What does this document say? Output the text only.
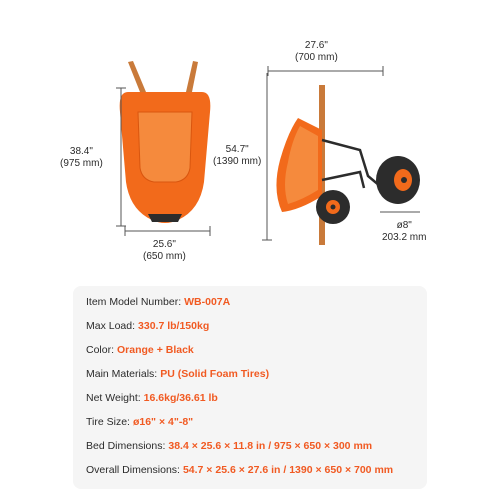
38.4"
(975 mm)
25.6"
(650 mm)
27.6"
(700 mm)
54.7"
(1390 mm)
ø8"
203.2 mm
Item Model Number: WB-007A
Max Load: 330.7 lb/150kg
Color: Orange + Black
Main Materials: PU (Solid Foam Tires)
Net Weight: 16.6kg/36.61 lb
Tire Size: ø16" × 4"-8"
Bed Dimensions: 38.4 × 25.6 × 11.8 in / 975 × 650 × 300 mm
Overall Dimensions: 54.7 × 25.6 × 27.6 in / 1390 × 650 × 700 mm
